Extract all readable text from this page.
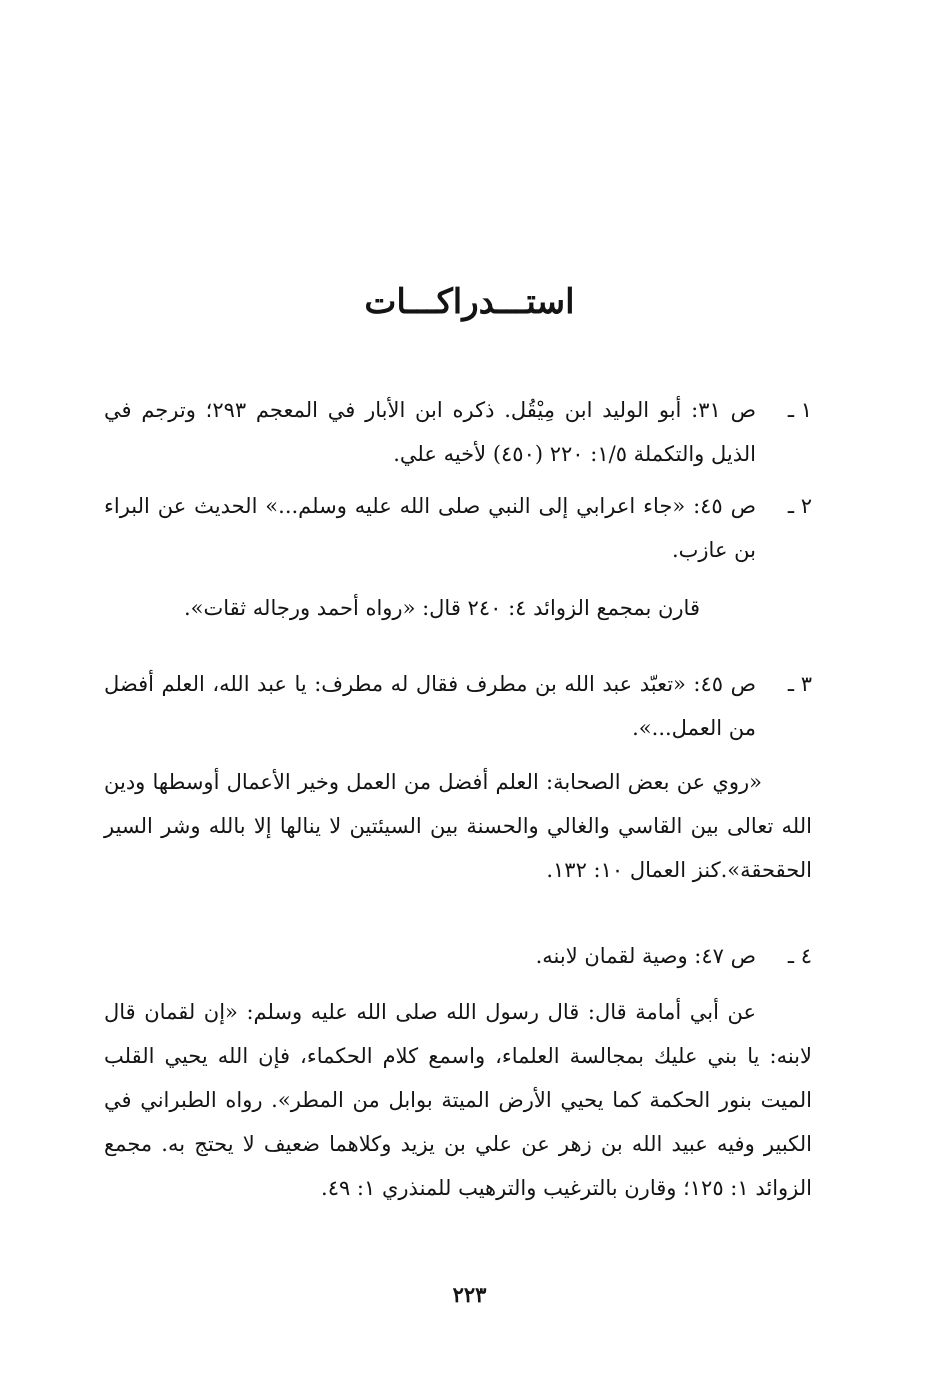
استـــدراكـــات
١ ـ
ص ٣١: أبو الوليد ابن مِيْقُل. ذكره ابن الأبار في المعجم ٢٩٣؛ وترجم في الذيل والتكملة ١/٥: ٢٢٠ (٤٥٠) لأخيه علي.
٢ ـ
ص ٤٥: «جاء اعرابي إلى النبي صلى الله عليه وسلم...» الحديث عن البراء بن عازب.
قارن بمجمع الزوائد ٤: ٢٤٠ قال: «رواه أحمد ورجاله ثقات».
٣ ـ
ص ٤٥: «تعبّد عبد الله بن مطرف فقال له مطرف: يا عبد الله، العلم أفضل من العمل...».
«روي عن بعض الصحابة: العلم أفضل من العمل وخير الأعمال أوسطها ودين الله تعالى بين القاسي والغالي والحسنة بين السيئتين لا ينالها إلا بالله وشر السير الحقحقة».كنز العمال ١٠: ١٣٢.
٤ ـ
ص ٤٧: وصية لقمان لابنه.
عن أبي أمامة قال: قال رسول الله صلى الله عليه وسلم: «إن لقمان قال لابنه: يا بني عليك بمجالسة العلماء، واسمع كلام الحكماء، فإن الله يحيي القلب الميت بنور الحكمة كما يحيي الأرض الميتة بوابل من المطر». رواه الطبراني في الكبير وفيه عبيد الله بن زهر عن علي بن يزيد وكلاهما ضعيف لا يحتج به. مجمع الزوائد ١: ١٢٥؛ وقارن بالترغيب والترهيب للمنذري ١: ٤٩.
٢٢٣
